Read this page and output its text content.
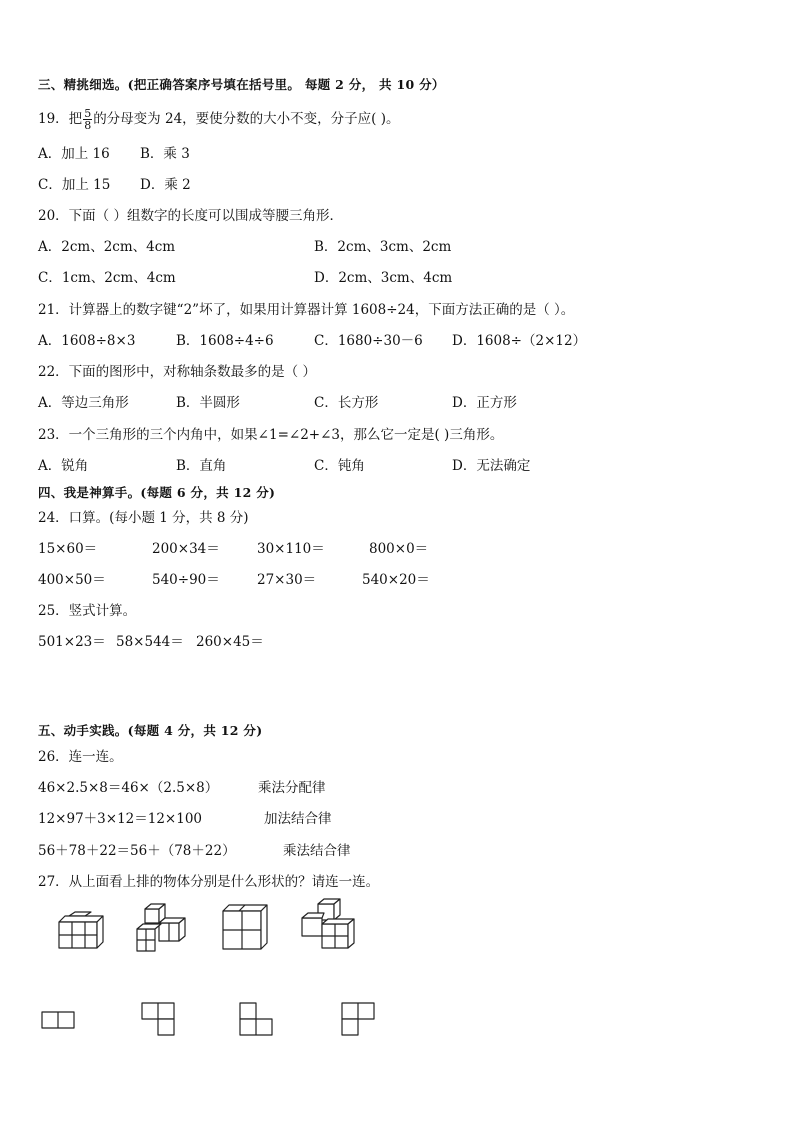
三、精挑细选。(把正确答案序号填在括号里。 每题 2 分， 共 10 分）
19．把 $\frac{5}{8}$ 的分母变为 24，要使分数的大小不变，分子应( )。
A．加上 16 B．乘 3
C．加上 15 D．乘 2
20．下面（ ）组数字的长度可以围成等腰三角形．
A．2cm、2cm、4cm	B．2cm、3cm、2cm
C．1cm、2cm、4cm	D．2cm、3cm、4cm
21．计算器上的数字键“2”坏了，如果用计算器计算 1608÷24，下面方法正确的是（ ）。
A．1608÷8×3	B．1608÷4÷6	C．1680÷30－6 D．1608÷（2×12）
22．下面的图形中，对称轴条数最多的是（ ）
A．等边三角形	B．半圆形	C．长方形	D．正方形
23．一个三角形的三个内角中，如果∠1=∠2+∠3，那么它一定是( )三角形。
A．锐角	B．直角	C．钝角	D．无法确定
四、我是神算手。(每题 6 分，共 12 分)
24．口算。(每小题 1 分，共 8 分)
15×60＝	200×34＝	30×110＝	800×0＝
400×50＝	540÷90＝	27×30＝	540×20＝
25．竖式计算。
501×23＝ 58×544＝ 260×45＝
五、动手实践。(每题 4 分，共 12 分)
26．连一连。
46×2.5×8＝46×（2.5×8）	乘法分配律
12×97＋3×12＝12×100	加法结合律
56＋78＋22＝56＋（78＋22）	乘法结合律
27．从上面看上排的物体分别是什么形状的？请连一连。
